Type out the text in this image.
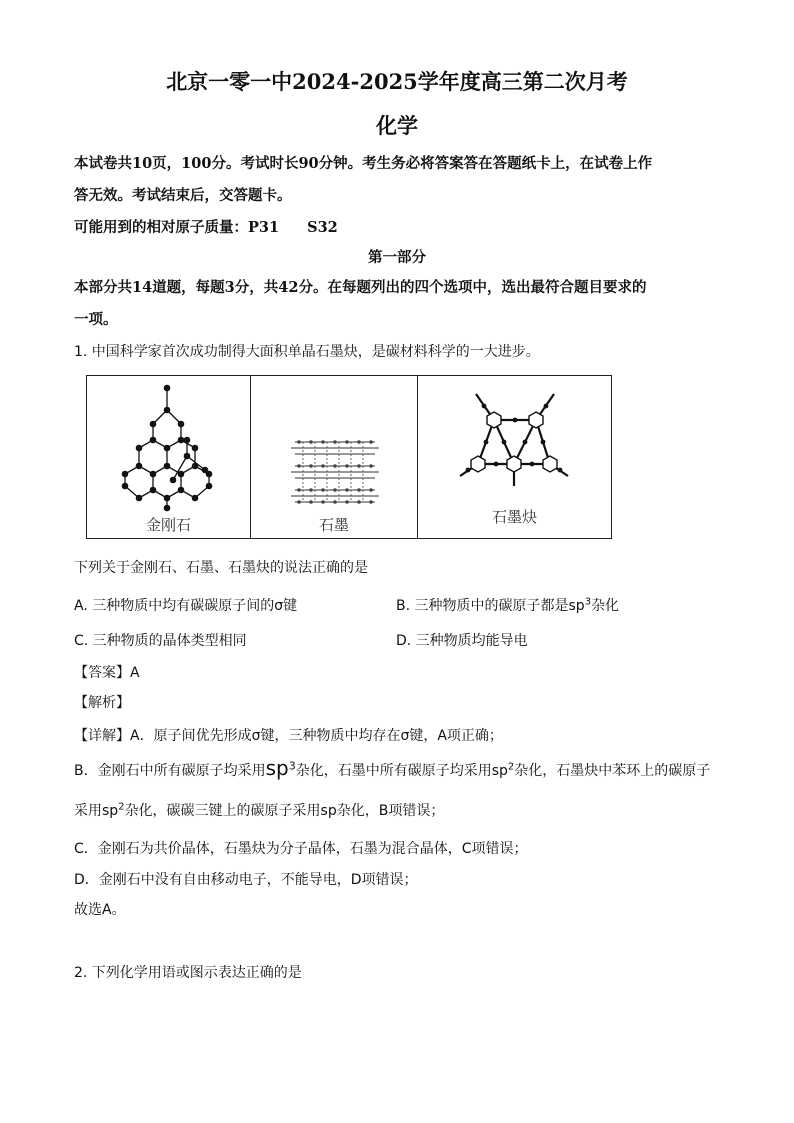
北京一零一中2024-2025学年度高三第二次月考
化学
本试卷共10页，100分。考试时长90分钟。考生务必将答案答在答题纸卡上，在试卷上作
答无效。考试结束后，交答题卡。
可能用到的相对原子质量：P31 S32
第一部分
本部分共14道题，每题3分，共42分。在每题列出的四个选项中，选出最符合题目要求的
一项。
1. 中国科学家首次成功制得大面积单晶石墨炔，是碳材料科学的一大进步。
金刚石	石墨	石墨炔
下列关于金刚石、石墨、石墨炔的说法正确的是
A. 三种物质中均有碳碳原子间的σ键	B. 三种物质中的碳原子都是$sp^3$杂化
C. 三种物质的晶体类型相同	D. 三种物质均能导电
【答案】A
【解析】
【详解】A．原子间优先形成σ键，三种物质中均存在σ键，A项正确；
B．金刚石中所有碳原子均采用$sp^3$杂化，石墨中所有碳原子均采用$sp^2$杂化，石墨炔中苯环上的碳原子
采用$sp^2$杂化，碳碳三键上的碳原子采用sp杂化，B项错误；
C．金刚石为共价晶体，石墨炔为分子晶体，石墨为混合晶体，C项错误；
D．金刚石中没有自由移动电子，不能导电，D项错误；
故选A。
2. 下列化学用语或图示表达正确的是
